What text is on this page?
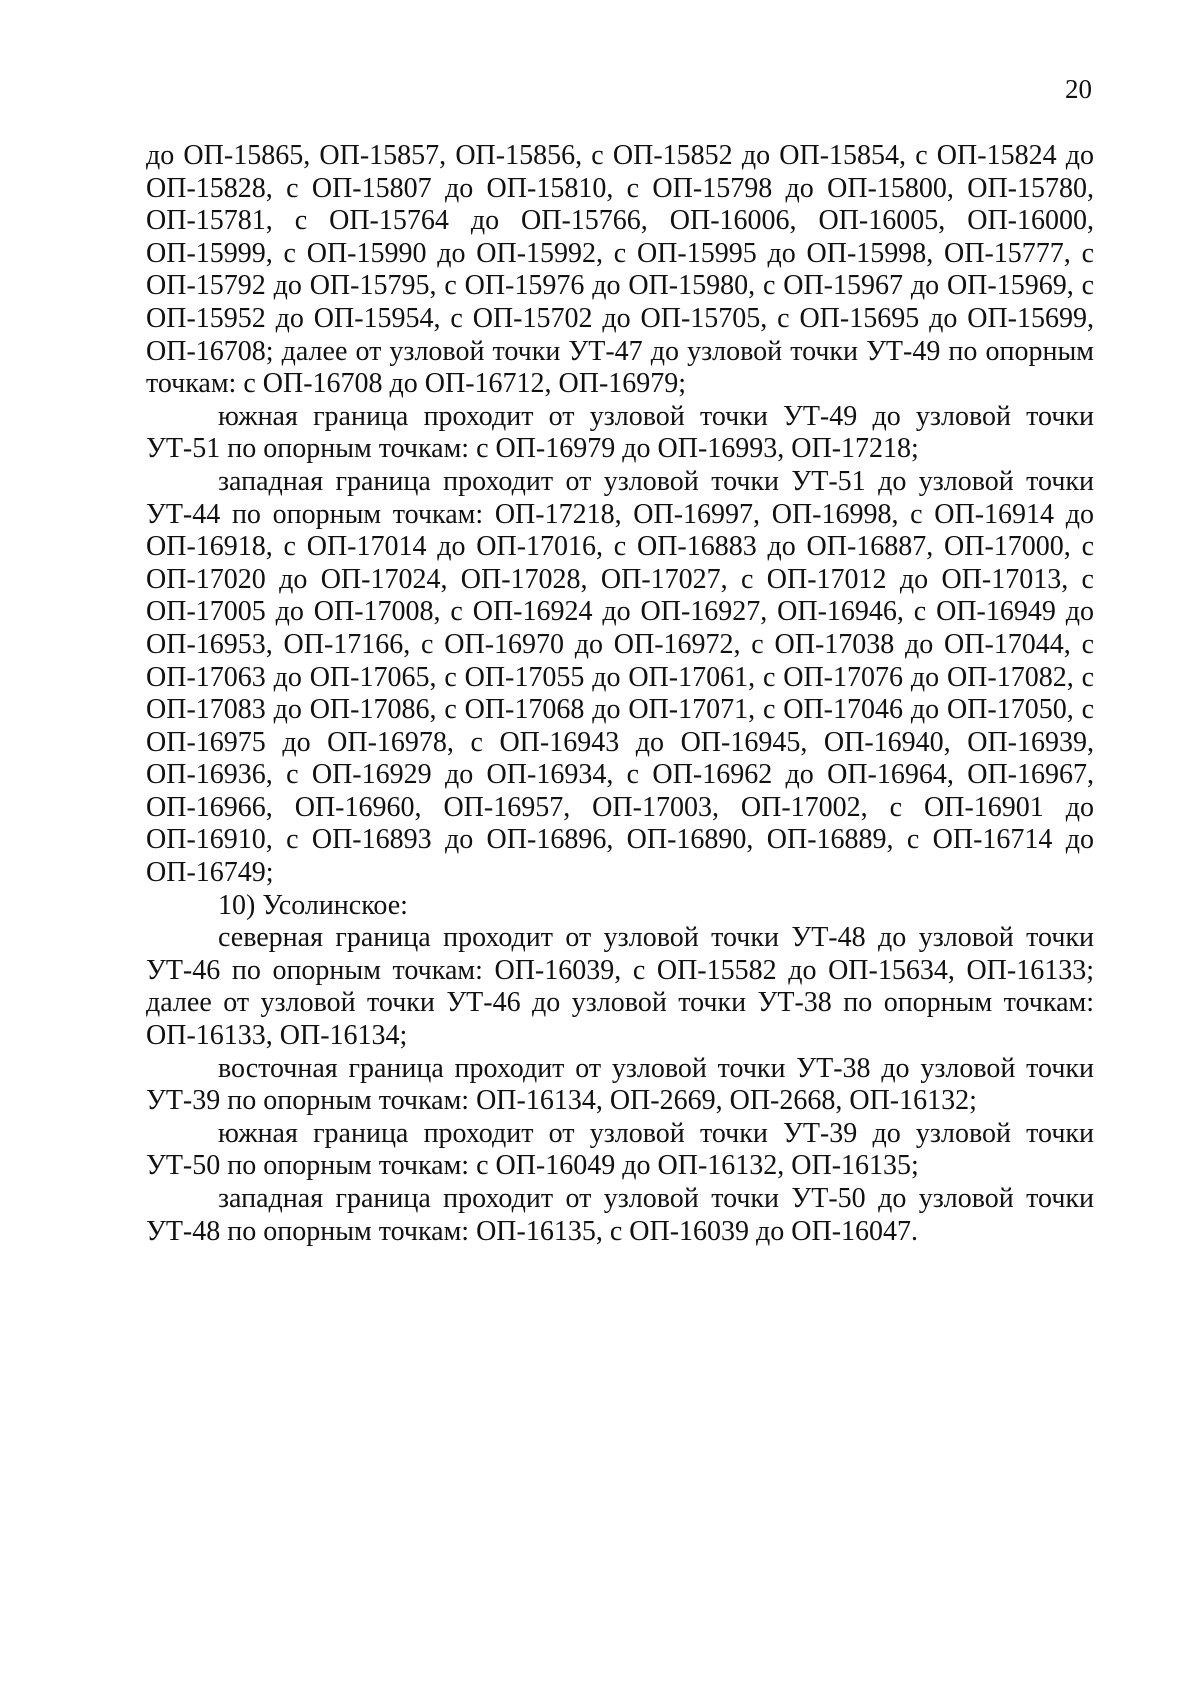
20

до ОП-15865, ОП-15857, ОП-15856, с ОП-15852 до ОП-15854, с ОП-15824 до ОП-15828, с ОП-15807 до ОП-15810, с ОП-15798 до ОП-15800, ОП-15780, ОП-15781, с ОП-15764 до ОП-15766, ОП-16006, ОП-16005, ОП-16000, ОП-15999, с ОП-15990 до ОП-15992, с ОП-15995 до ОП-15998, ОП-15777, с ОП-15792 до ОП-15795, с ОП-15976 до ОП-15980, с ОП-15967 до ОП-15969, с ОП-15952 до ОП-15954, с ОП-15702 до ОП-15705, с ОП-15695 до ОП-15699, ОП-16708; далее от узловой точки УТ-47 до узловой точки УТ-49 по опорным точкам: с ОП-16708 до ОП-16712, ОП-16979;

южная граница проходит от узловой точки УТ-49 до узловой точки УТ-51 по опорным точкам: с ОП-16979 до ОП-16993, ОП-17218;

западная граница проходит от узловой точки УТ-51 до узловой точки УТ-44 по опорным точкам: ОП-17218, ОП-16997, ОП-16998, с ОП-16914 до ОП-16918, с ОП-17014 до ОП-17016, с ОП-16883 до ОП-16887, ОП-17000, с ОП-17020 до ОП-17024, ОП-17028, ОП-17027, с ОП-17012 до ОП-17013, с ОП-17005 до ОП-17008, с ОП-16924 до ОП-16927, ОП-16946, с ОП-16949 до ОП-16953, ОП-17166, с ОП-16970 до ОП-16972, с ОП-17038 до ОП-17044, с ОП-17063 до ОП-17065, с ОП-17055 до ОП-17061, с ОП-17076 до ОП-17082, с ОП-17083 до ОП-17086, с ОП-17068 до ОП-17071, с ОП-17046 до ОП-17050, с ОП-16975 до ОП-16978, с ОП-16943 до ОП-16945, ОП-16940, ОП-16939, ОП-16936, с ОП-16929 до ОП-16934, с ОП-16962 до ОП-16964, ОП-16967, ОП-16966, ОП-16960, ОП-16957, ОП-17003, ОП-17002, с ОП-16901 до ОП-16910, с ОП-16893 до ОП-16896, ОП-16890, ОП-16889, с ОП-16714 до ОП-16749;

10) Усолинское:

северная граница проходит от узловой точки УТ-48 до узловой точки УТ-46 по опорным точкам: ОП-16039, с ОП-15582 до ОП-15634, ОП-16133; далее от узловой точки УТ-46 до узловой точки УТ-38 по опорным точкам: ОП-16133, ОП-16134;

восточная граница проходит от узловой точки УТ-38 до узловой точки УТ-39 по опорным точкам: ОП-16134, ОП-2669, ОП-2668, ОП-16132;

южная граница проходит от узловой точки УТ-39 до узловой точки УТ-50 по опорным точкам: с ОП-16049 до ОП-16132, ОП-16135;

западная граница проходит от узловой точки УТ-50 до узловой точки УТ-48 по опорным точкам: ОП-16135, с ОП-16039 до ОП-16047.
